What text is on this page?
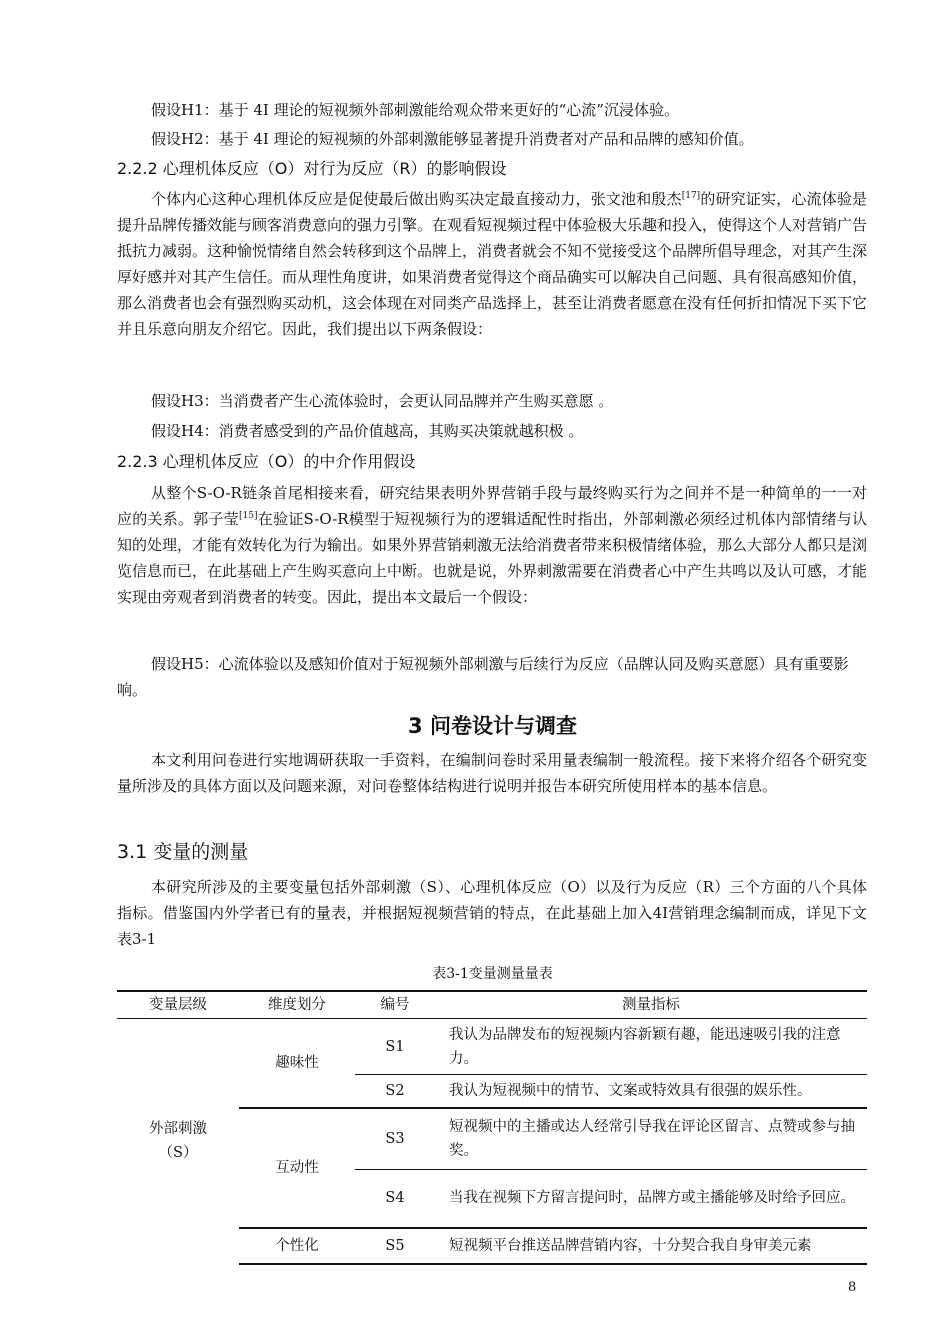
假设H1：基于 4I 理论的短视频外部刺激能给观众带来更好的“心流”沉浸体验。

假设H2：基于 4I 理论的短视频的外部刺激能够显著提升消费者对产品和品牌的感知价值。

2.2.2 心理机体反应（O）对行为反应（R）的影响假设

个体内心这种心理机体反应是促使最后做出购买决定最直接动力，张文池和殷杰[17]的研究证实，心流体验是提升品牌传播效能与顾客消费意向的强力引擎。在观看短视频过程中体验极大乐趣和投入，使得这个人对营销广告抵抗力减弱。这种愉悦情绪自然会转移到这个品牌上，消费者就会不知不觉接受这个品牌所倡导理念，对其产生深厚好感并对其产生信任。而从理性角度讲，如果消费者觉得这个商品确实可以解决自己问题、具有很高感知价值，那么消费者也会有强烈购买动机，这会体现在对同类产品选择上，甚至让消费者愿意在没有任何折扣情况下买下它并且乐意向朋友介绍它。因此，我们提出以下两条假设：

假设H3：当消费者产生心流体验时，会更认同品牌并产生购买意愿 。

假设H4：消费者感受到的产品价值越高，其购买决策就越积极 。

2.2.3 心理机体反应（O）的中介作用假设

从整个S-O-R链条首尾相接来看，研究结果表明外界营销手段与最终购买行为之间并不是一种简单的一一对应的关系。郭子莹[15]在验证S-O-R模型于短视频行为的逻辑适配性时指出，外部刺激必须经过机体内部情绪与认知的处理，才能有效转化为行为输出。如果外界营销刺激无法给消费者带来积极情绪体验，那么大部分人都只是浏览信息而已，在此基础上产生购买意向上中断。也就是说，外界刺激需要在消费者心中产生共鸣以及认可感，才能实现由旁观者到消费者的转变。因此，提出本文最后一个假设：

假设H5：心流体验以及感知价值对于短视频外部刺激与后续行为反应（品牌认同及购买意愿）具有重要影响。

3 问卷设计与调查

本文利用问卷进行实地调研获取一手资料，在编制问卷时采用量表编制一般流程。接下来将介绍各个研究变量所涉及的具体方面以及问题来源，对问卷整体结构进行说明并报告本研究所使用样本的基本信息。

3.1 变量的测量

本研究所涉及的主要变量包括外部刺激（S）、心理机体反应（O）以及行为反应（R）三个方面的八个具体指标。借鉴国内外学者已有的量表，并根据短视频营销的特点，在此基础上加入4I营销理念编制而成，详见下文表3-1

表3-1变量测量量表
变量层级	维度划分	编号	测量指标
外部刺激
（S）	趣味性	S1	我认为品牌发布的短视频内容新颖有趣，能迅速吸引我的注意力。
		S2	我认为短视频中的情节、文案或特效具有很强的娱乐性。
	互动性	S3	短视频中的主播或达人经常引导我在评论区留言、点赞或参与抽奖。
		S4	当我在视频下方留言提问时，品牌方或主播能够及时给予回应。
	个性化	S5	短视频平台推送品牌营销内容，十分契合我自身审美元素
8
